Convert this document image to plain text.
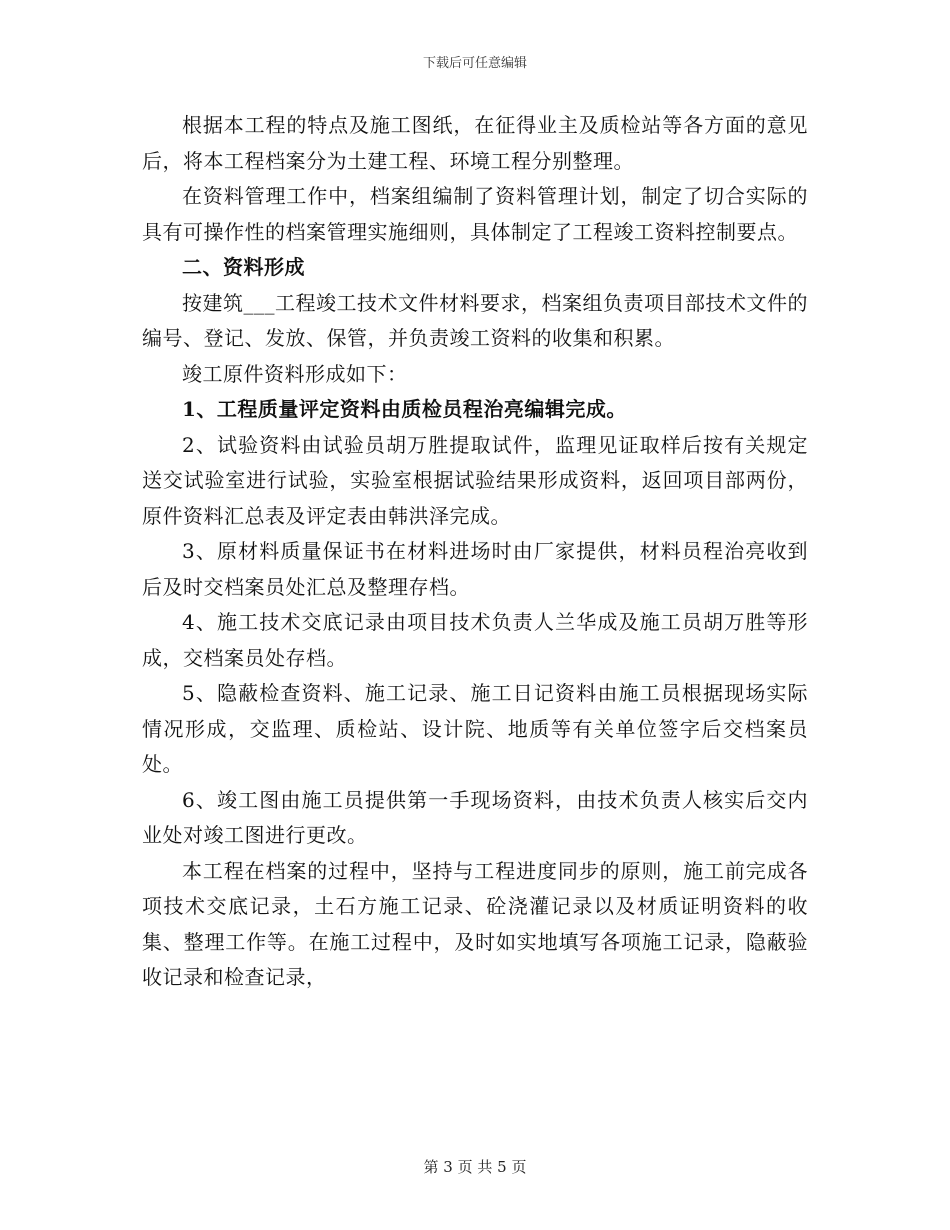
下载后可任意编辑

根据本工程的特点及施工图纸，在征得业主及质检站等各方面的意见后，将本工程档案分为土建工程、环境工程分别整理。

在资料管理工作中，档案组编制了资料管理计划，制定了切合实际的具有可操作性的档案管理实施细则，具体制定了工程竣工资料控制要点。

二、资料形成

按建筑___工程竣工技术文件材料要求，档案组负责项目部技术文件的编号、登记、发放、保管，并负责竣工资料的收集和积累。

竣工原件资料形成如下：

1、工程质量评定资料由质检员程治亮编辑完成。

2、试验资料由试验员胡万胜提取试件，监理见证取样后按有关规定送交试验室进行试验，实验室根据试验结果形成资料，返回项目部两份，原件资料汇总表及评定表由韩洪泽完成。

3、原材料质量保证书在材料进场时由厂家提供，材料员程治亮收到后及时交档案员处汇总及整理存档。

4、施工技术交底记录由项目技术负责人兰华成及施工员胡万胜等形成，交档案员处存档。

5、隐蔽检查资料、施工记录、施工日记资料由施工员根据现场实际情况形成，交监理、质检站、设计院、地质等有关单位签字后交档案员处。

6、竣工图由施工员提供第一手现场资料，由技术负责人核实后交内业处对竣工图进行更改。

本工程在档案的过程中，坚持与工程进度同步的原则，施工前完成各项技术交底记录，土石方施工记录、砼浇灌记录以及材质证明资料的收集、整理工作等。在施工过程中，及时如实地填写各项施工记录，隐蔽验收记录和检查记录，

第 3 页 共 5 页
